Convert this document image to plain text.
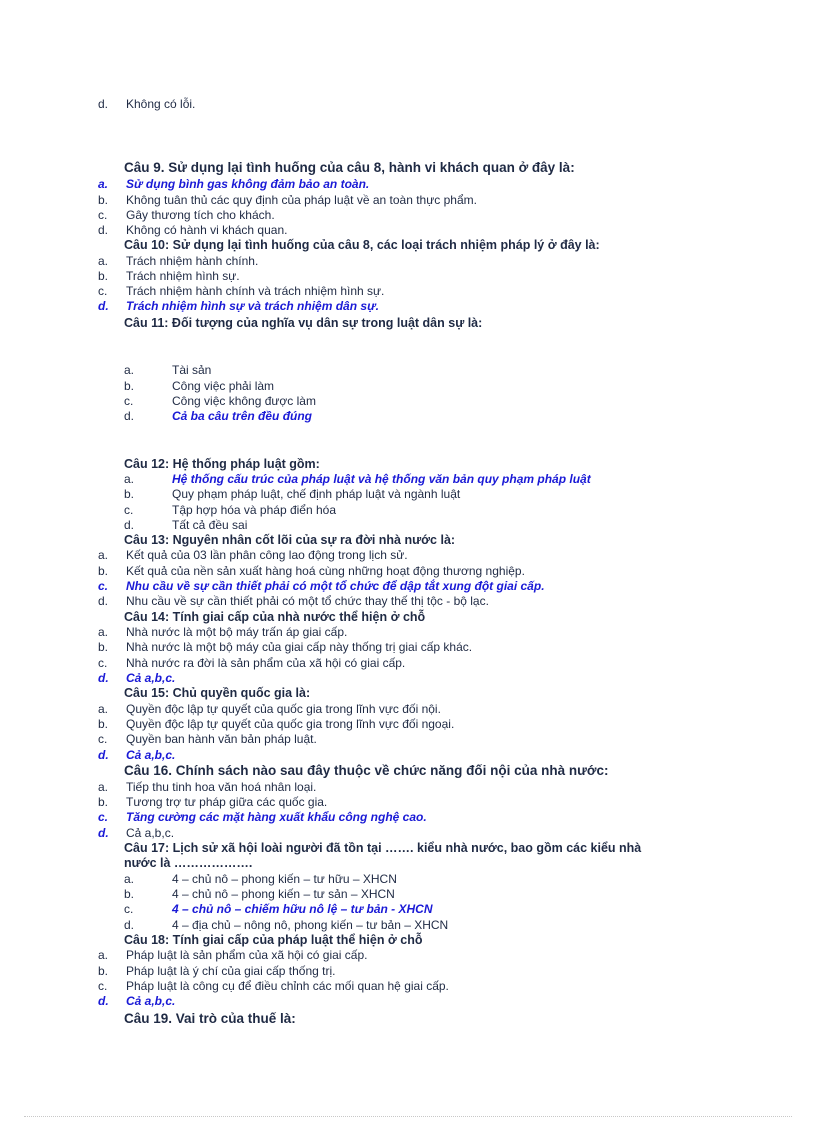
d. Không có lỗi.
Câu 9. Sử dụng lại tình huống của câu 8, hành vi khách quan ở đây là:
a. Sử dụng bình gas không đảm bảo an toàn.
b. Không tuân thủ các quy định của pháp luật về an toàn thực phẩm.
c. Gây thương tích cho khách.
d. Không có hành vi khách quan.
Câu 10: Sử dụng lại tình huống của câu 8, các loại trách nhiệm pháp lý ở đây là:
a. Trách nhiệm hành chính.
b. Trách nhiệm hình sự.
c. Trách nhiệm hành chính và trách nhiệm hình sự.
d. Trách nhiệm hình sự và trách nhiệm dân sự.
Câu 11: Đối tượng của nghĩa vụ dân sự trong luật dân sự là:
a.	Tài sản
b.	Công việc phải làm
c.	Công việc không được làm
d.	Cả ba câu trên đều đúng
Câu 12: Hệ thống pháp luật gồm:
a.	Hệ thống cấu trúc của pháp luật và hệ thống văn bản quy phạm pháp luật
b.	Quy phạm pháp luật, chế định pháp luật và ngành luật
c.	Tập hợp hóa và pháp điển hóa
d.	Tất cả đều sai
Câu 13: Nguyên nhân cốt lõi của sự ra đời nhà nước là:
a. Kết quả của 03 lần phân công lao động trong lịch sử.
b. Kết quả của nền sản xuất hàng hoá cùng những hoạt động thương nghiệp.
c. Nhu cầu về sự cần thiết phải có một tổ chức để dập tắt xung đột giai cấp.
d. Nhu cầu về sự cần thiết phải có một tổ chức thay thế thị tộc - bộ lạc.
Câu 14: Tính giai cấp của nhà nước thể hiện ở chỗ
a. Nhà nước là một bộ máy trấn áp giai cấp.
b. Nhà nước là một bộ máy của giai cấp này thống trị giai cấp khác.
c. Nhà nước ra đời là sản phẩm của xã hội có giai cấp.
d. Cả a,b,c.
Câu 15: Chủ quyền quốc gia là:
a. Quyền độc lập tự quyết của quốc gia trong lĩnh vực đối nội.
b. Quyền độc lập tự quyết của quốc gia trong lĩnh vực đối ngoại.
c. Quyền ban hành văn bản pháp luật.
d. Cả a,b,c.
Câu 16. Chính sách nào sau đây thuộc về chức năng đối nội của nhà nước:
a. Tiếp thu tinh hoa văn hoá nhân loại.
b. Tương trợ tư pháp giữa các quốc gia.
c. Tăng cường các mặt hàng xuất khẩu công nghệ cao.
d. Cả a,b,c.
Câu 17: Lịch sử xã hội loài người đã tồn tại ……. kiểu nhà nước, bao gồm các kiểu nhà
nước là ……………….
a.	4 – chủ nô – phong kiến – tư hữu – XHCN
b.	4 – chủ nô – phong kiến – tư sản – XHCN
c.	4 – chủ nô – chiếm hữu nô lệ – tư bản - XHCN
d.	4 – địa chủ – nông nô, phong kiến – tư bản – XHCN
Câu 18: Tính giai cấp của pháp luật thể hiện ở chỗ
a. Pháp luật là sản phẩm của xã hội có giai cấp.
b. Pháp luật là ý chí của giai cấp thống trị.
c. Pháp luật là công cụ để điều chỉnh các mối quan hệ giai cấp.
d. Cả a,b,c.
Câu 19. Vai trò của thuế là:
